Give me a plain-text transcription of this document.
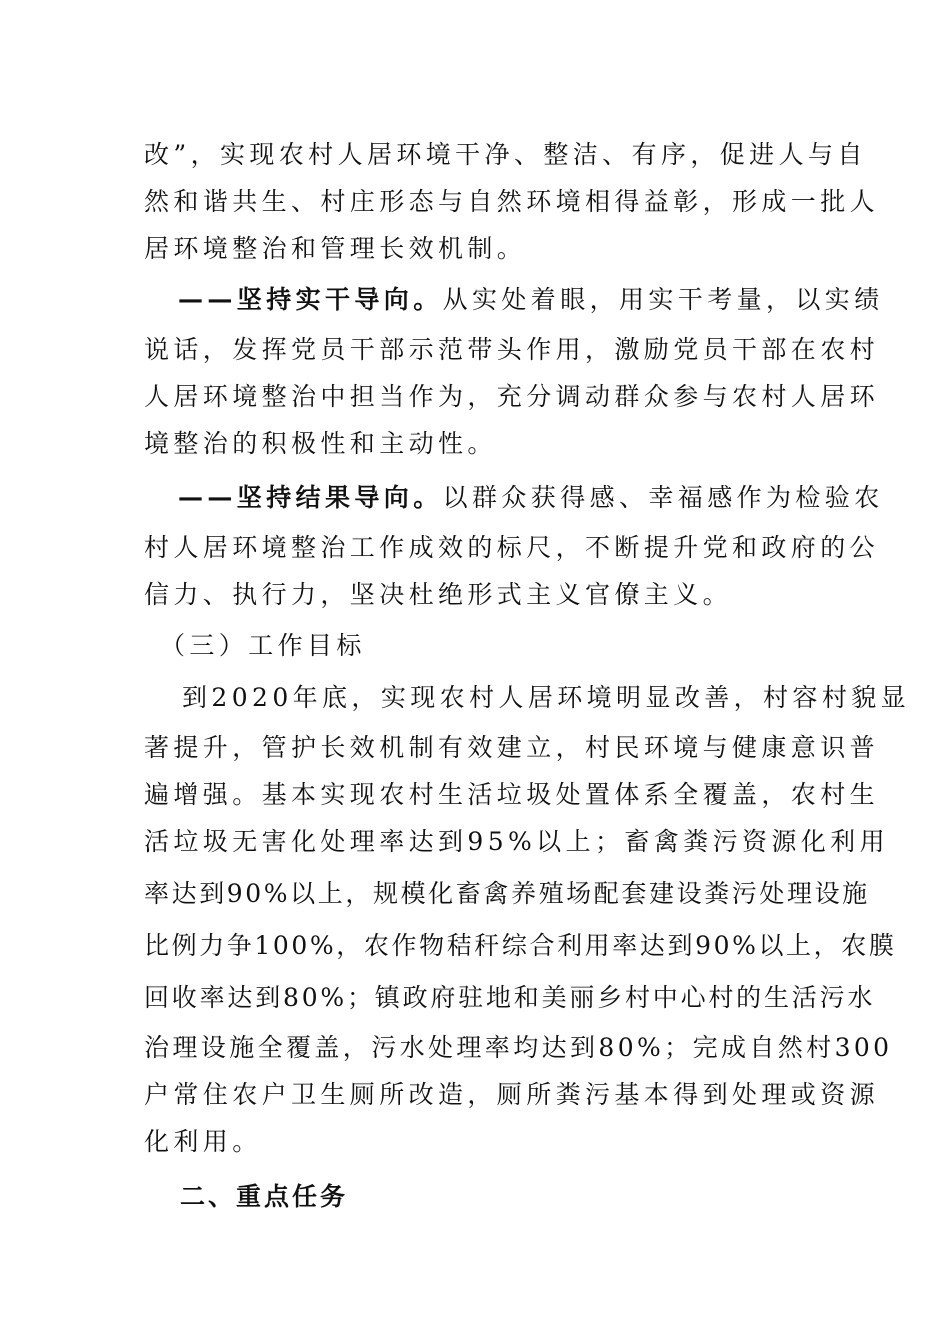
改”，实现农村人居环境干净、整洁、有序，促进人与自
然和谐共生、村庄形态与自然环境相得益彰，形成一批人
居环境整治和管理长效机制。
——坚持实干导向。从实处着眼，用实干考量，以实绩
说话，发挥党员干部示范带头作用，激励党员干部在农村
人居环境整治中担当作为，充分调动群众参与农村人居环
境整治的积极性和主动性。
——坚持结果导向。以群众获得感、幸福感作为检验农
村人居环境整治工作成效的标尺，不断提升党和政府的公
信力、执行力，坚决杜绝形式主义官僚主义。
（三）工作目标
到2020年底，实现农村人居环境明显改善，村容村貌显
著提升，管护长效机制有效建立，村民环境与健康意识普
遍增强。基本实现农村生活垃圾处置体系全覆盖，农村生
活垃圾无害化处理率达到95%以上；畜禽粪污资源化利用
率达到90%以上，规模化畜禽养殖场配套建设粪污处理设施
比例力争100%，农作物秸秆综合利用率达到90%以上，农膜
回收率达到80%；镇政府驻地和美丽乡村中心村的生活污水
治理设施全覆盖，污水处理率均达到80%；完成自然村300
户常住农户卫生厕所改造，厕所粪污基本得到处理或资源
化利用。
二、重点任务
